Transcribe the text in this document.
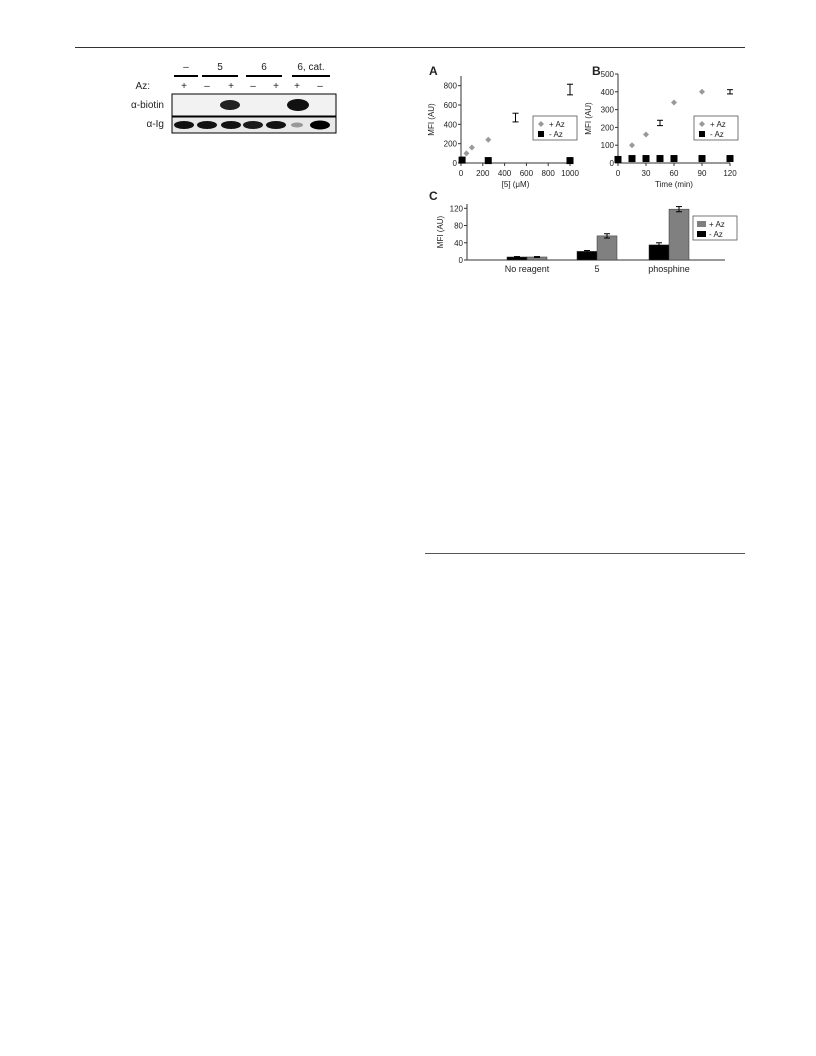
–	5	6	6, cat.
Az:	+ – + – + + –
α-biotin
α-Ig
0
200
400
600
800
0 200 400 600 800 1000
[5] (μM)
MFI (AU)
A
+ Az
- Az
0
100
200
300
400
500
0	30 60 90 120
Time (min)
MFI (AU)
B
+ Az
- Az
0
40
80
120
MFI (AU)
C
No reagent	5	phosphine
+ Az
- Az
